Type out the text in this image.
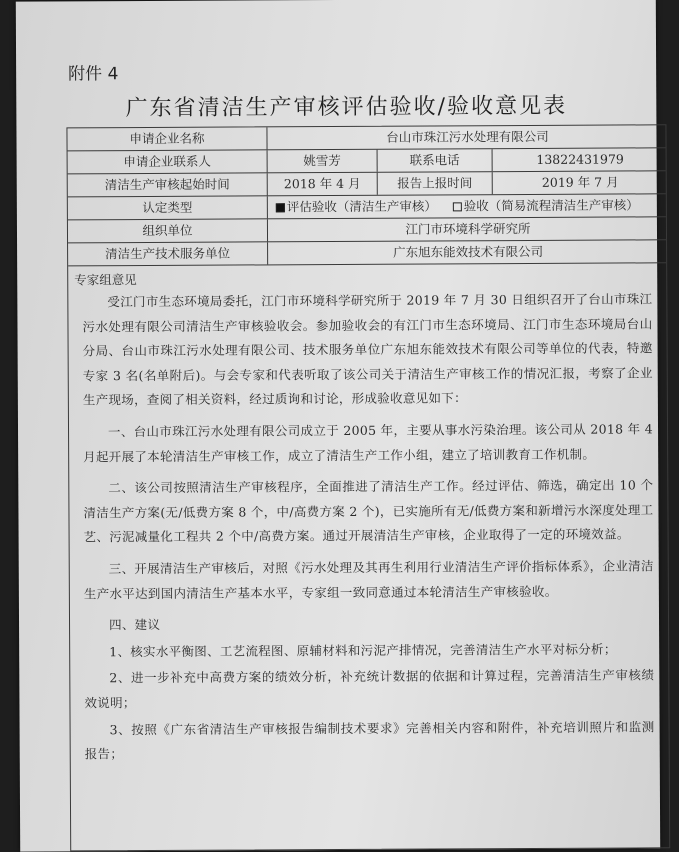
附件 4
广东省清洁生产审核评估验收/验收意见表
申请企业名称	台山市珠江污水处理有限公司
申请企业联系人	姚雪芳	联系电话	13822431979
清洁生产审核起始时间	2018 年 4 月	报告上报时间	2019 年 7 月
认定类型	评估验收（清洁生产审核） 验收（简易流程清洁生产审核）
组织单位	江门市环境科学研究所
清洁生产技术服务单位	广东旭东能效技术有限公司
专家组意见

受江门市生态环境局委托，江门市环境科学研究所于 2019 年 7 月 30 日组织召开了台山市珠江污水处理有限公司清洁生产审核验收会。参加验收会的有江门市生态环境局、江门市生态环境局台山分局、台山市珠江污水处理有限公司、技术服务单位广东旭东能效技术有限公司等单位的代表，特邀专家 3 名(名单附后)。与会专家和代表听取了该公司关于清洁生产审核工作的情况汇报，考察了企业生产现场，查阅了相关资料，经过质询和讨论，形成验收意见如下：

一、台山市珠江污水处理有限公司成立于 2005 年，主要从事水污染治理。该公司从 2018 年 4 月起开展了本轮清洁生产审核工作，成立了清洁生产工作小组，建立了培训教育工作机制。

二、该公司按照清洁生产审核程序，全面推进了清洁生产工作。经过评估、筛选，确定出 10 个清洁生产方案(无/低费方案 8 个，中/高费方案 2 个)，已实施所有无/低费方案和新增污水深度处理工艺、污泥减量化工程共 2 个中/高费方案。通过开展清洁生产审核，企业取得了一定的环境效益。

三、开展清洁生产审核后，对照《污水处理及其再生利用行业清洁生产评价指标体系》，企业清洁生产水平达到国内清洁生产基本水平，专家组一致同意通过本轮清洁生产审核验收。

四、建议

1、核实水平衡图、工艺流程图、原辅材料和污泥产排情况，完善清洁生产水平对标分析；

2、进一步补充中高费方案的绩效分析，补充统计数据的依据和计算过程，完善清洁生产审核绩效说明；

3、按照《广东省清洁生产审核报告编制技术要求》完善相关内容和附件，补充培训照片和监测报告；
